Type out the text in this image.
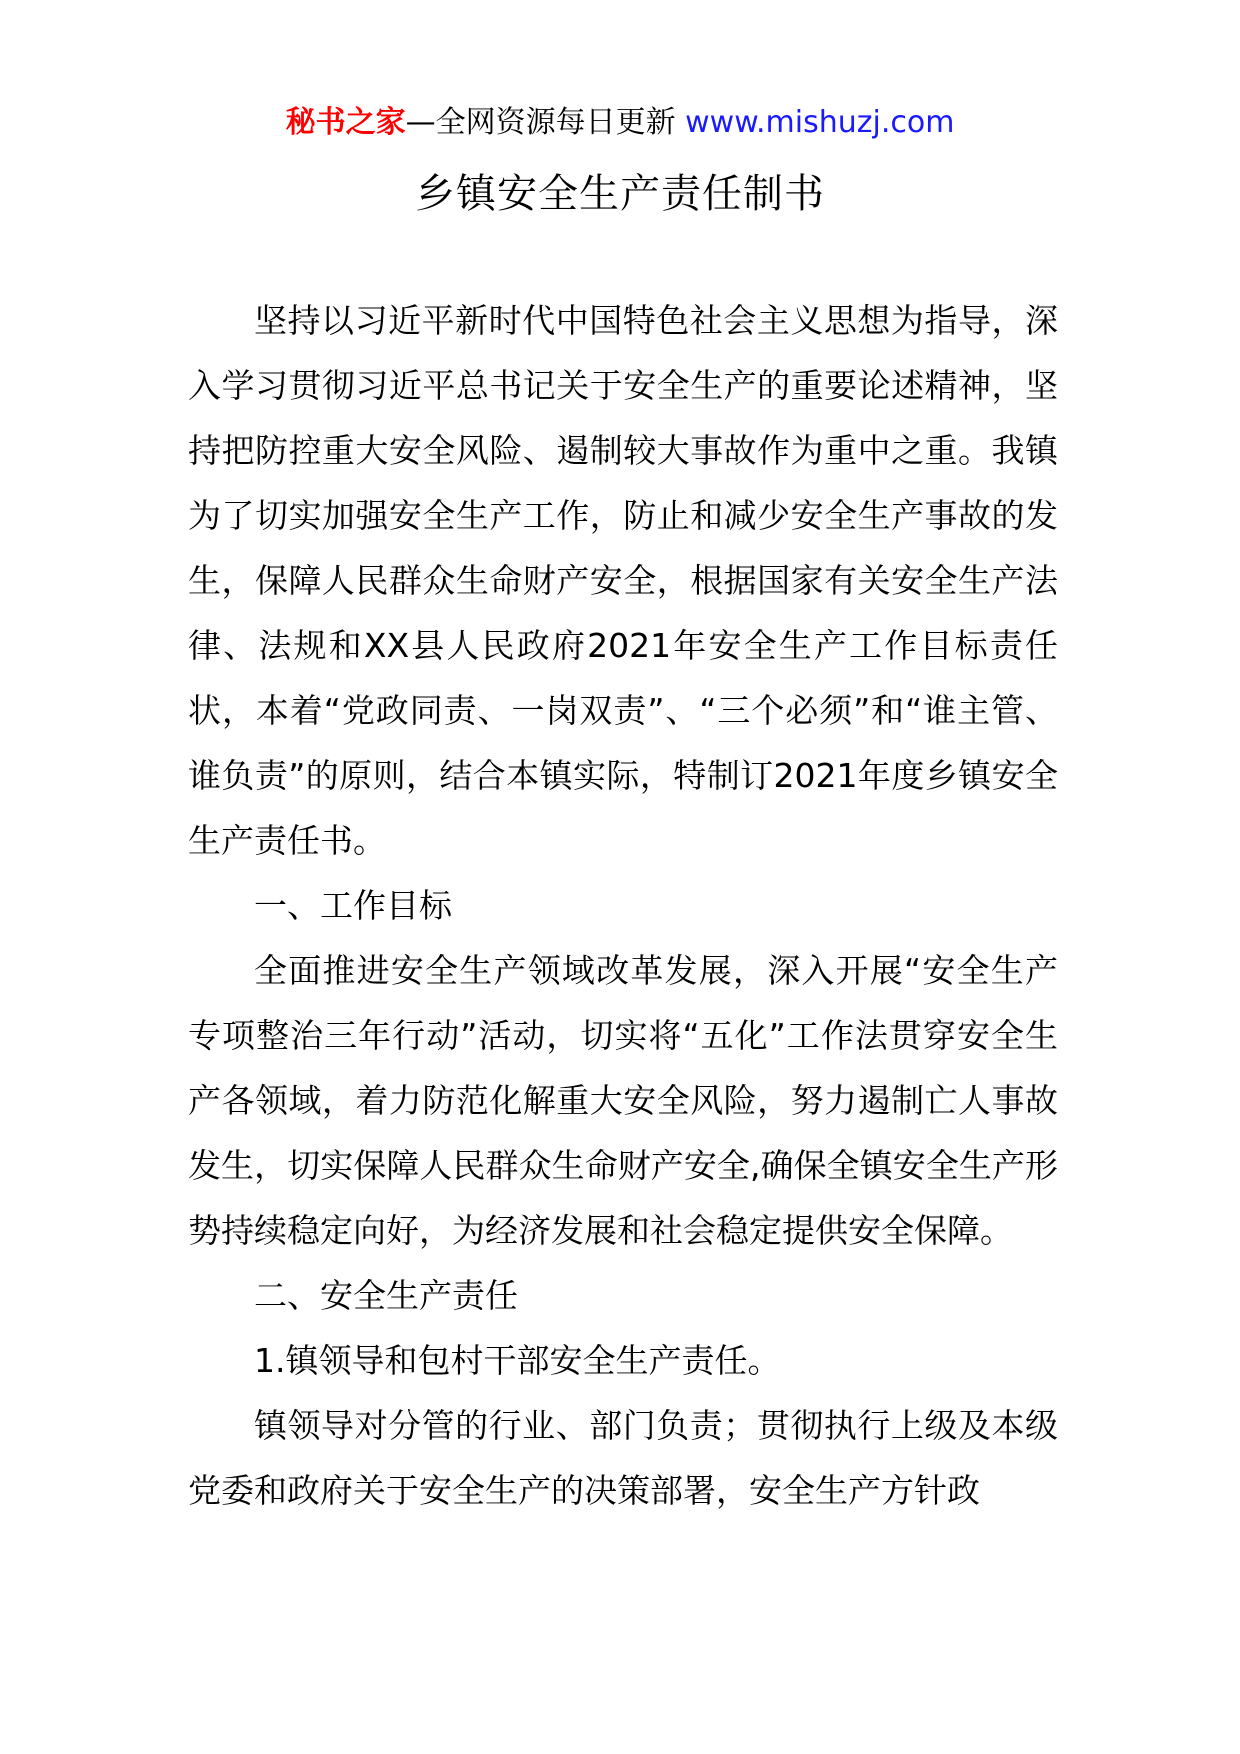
秘书之家—全网资源每日更新 www.mishuzj.com
乡镇安全生产责任制书

坚持以习近平新时代中国特色社会主义思想为指导，深入学习贯彻习近平总书记关于安全生产的重要论述精神，坚持把防控重大安全风险、遏制较大事故作为重中之重。我镇为了切实加强安全生产工作，防止和减少安全生产事故的发生，保障人民群众生命财产安全，根据国家有关安全生产法律、法规和XX县人民政府2021年安全生产工作目标责任状，本着“党政同责、一岗双责”、“三个必须”和“谁主管、谁负责”的原则，结合本镇实际，特制订2021年度乡镇安全生产责任书。

一、工作目标

全面推进安全生产领域改革发展，深入开展“安全生产专项整治三年行动”活动，切实将“五化”工作法贯穿安全生产各领域，着力防范化解重大安全风险，努力遏制亡人事故发生，切实保障人民群众生命财产安全,确保全镇安全生产形势持续稳定向好，为经济发展和社会稳定提供安全保障。

二、安全生产责任

1.镇领导和包村干部安全生产责任。

镇领导对分管的行业、部门负责；贯彻执行上级及本级党委和政府关于安全生产的决策部署，安全生产方针政
